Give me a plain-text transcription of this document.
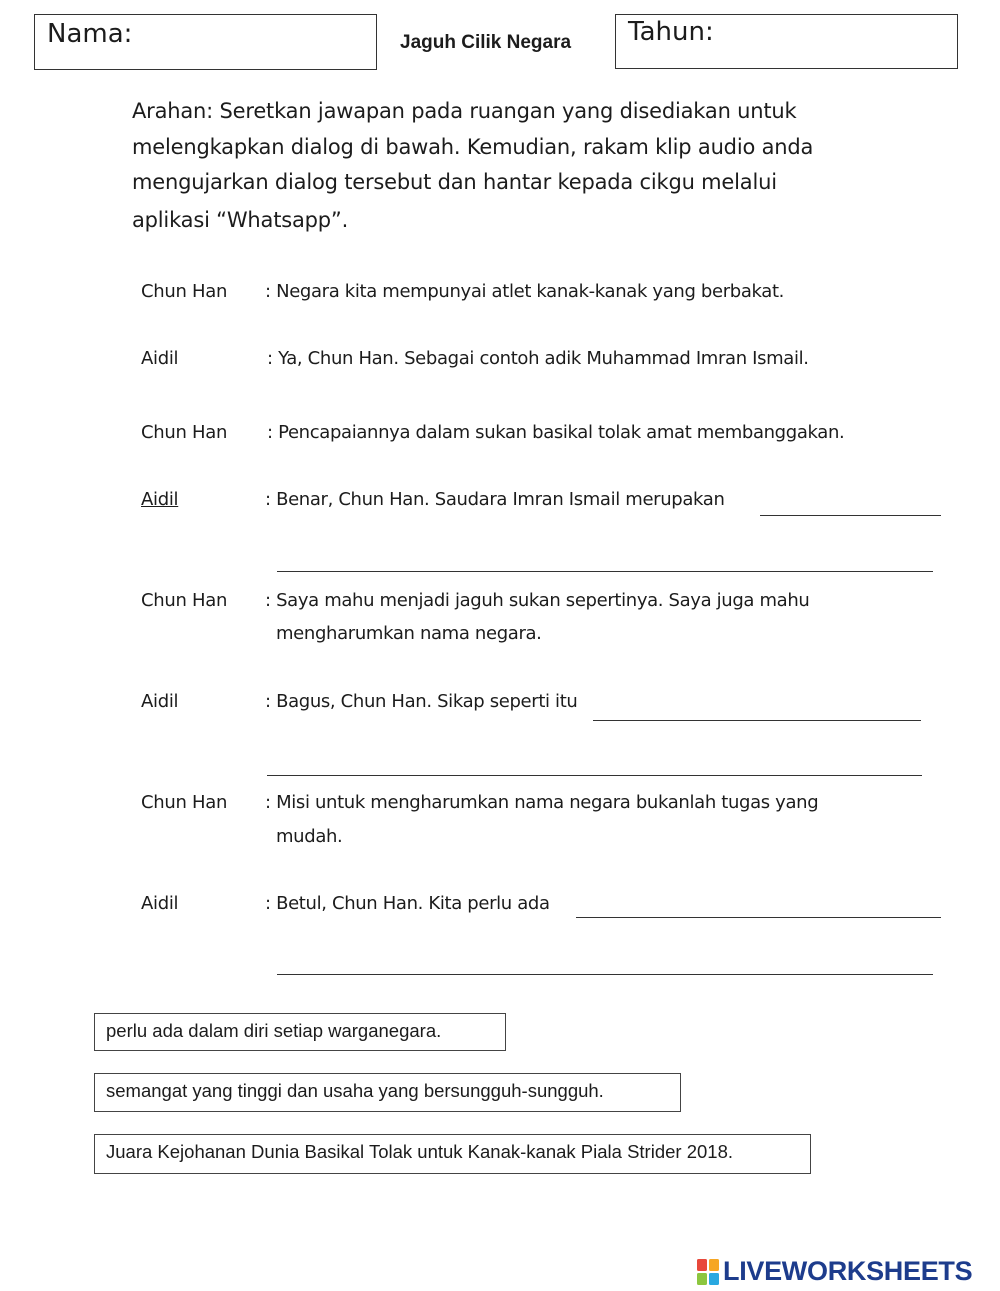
Nama:	Jaguh Cilik Negara Tahun:
Arahan: Seretkan jawapan pada ruangan yang disediakan untuk
melengkapkan dialog di bawah. Kemudian, rakam klip audio anda
mengujarkan dialog tersebut dan hantar kepada cikgu melalui
aplikasi “Whatsapp”.
Chun Han : Negara kita mempunyai atlet kanak-kanak yang berbakat.
Aidil	: Ya, Chun Han. Sebagai contoh adik Muhammad Imran Ismail.
Chun Han : Pencapaiannya dalam sukan basikal tolak amat membanggakan.
Aidil	: Benar, Chun Han. Saudara Imran Ismail merupakan
Chun Han : Saya mahu menjadi jaguh sukan sepertinya. Saya juga mahu
mengharumkan nama negara.
Aidil	: Bagus, Chun Han. Sikap seperti itu
Chun Han : Misi untuk mengharumkan nama negara bukanlah tugas yang
mudah.
Aidil	: Betul, Chun Han. Kita perlu ada
perlu ada dalam diri setiap warganegara.
semangat yang tinggi dan usaha yang bersungguh-sungguh.
Juara Kejohanan Dunia Basikal Tolak untuk Kanak-kanak Piala Strider 2018.
LIVEWORKSHEETS
